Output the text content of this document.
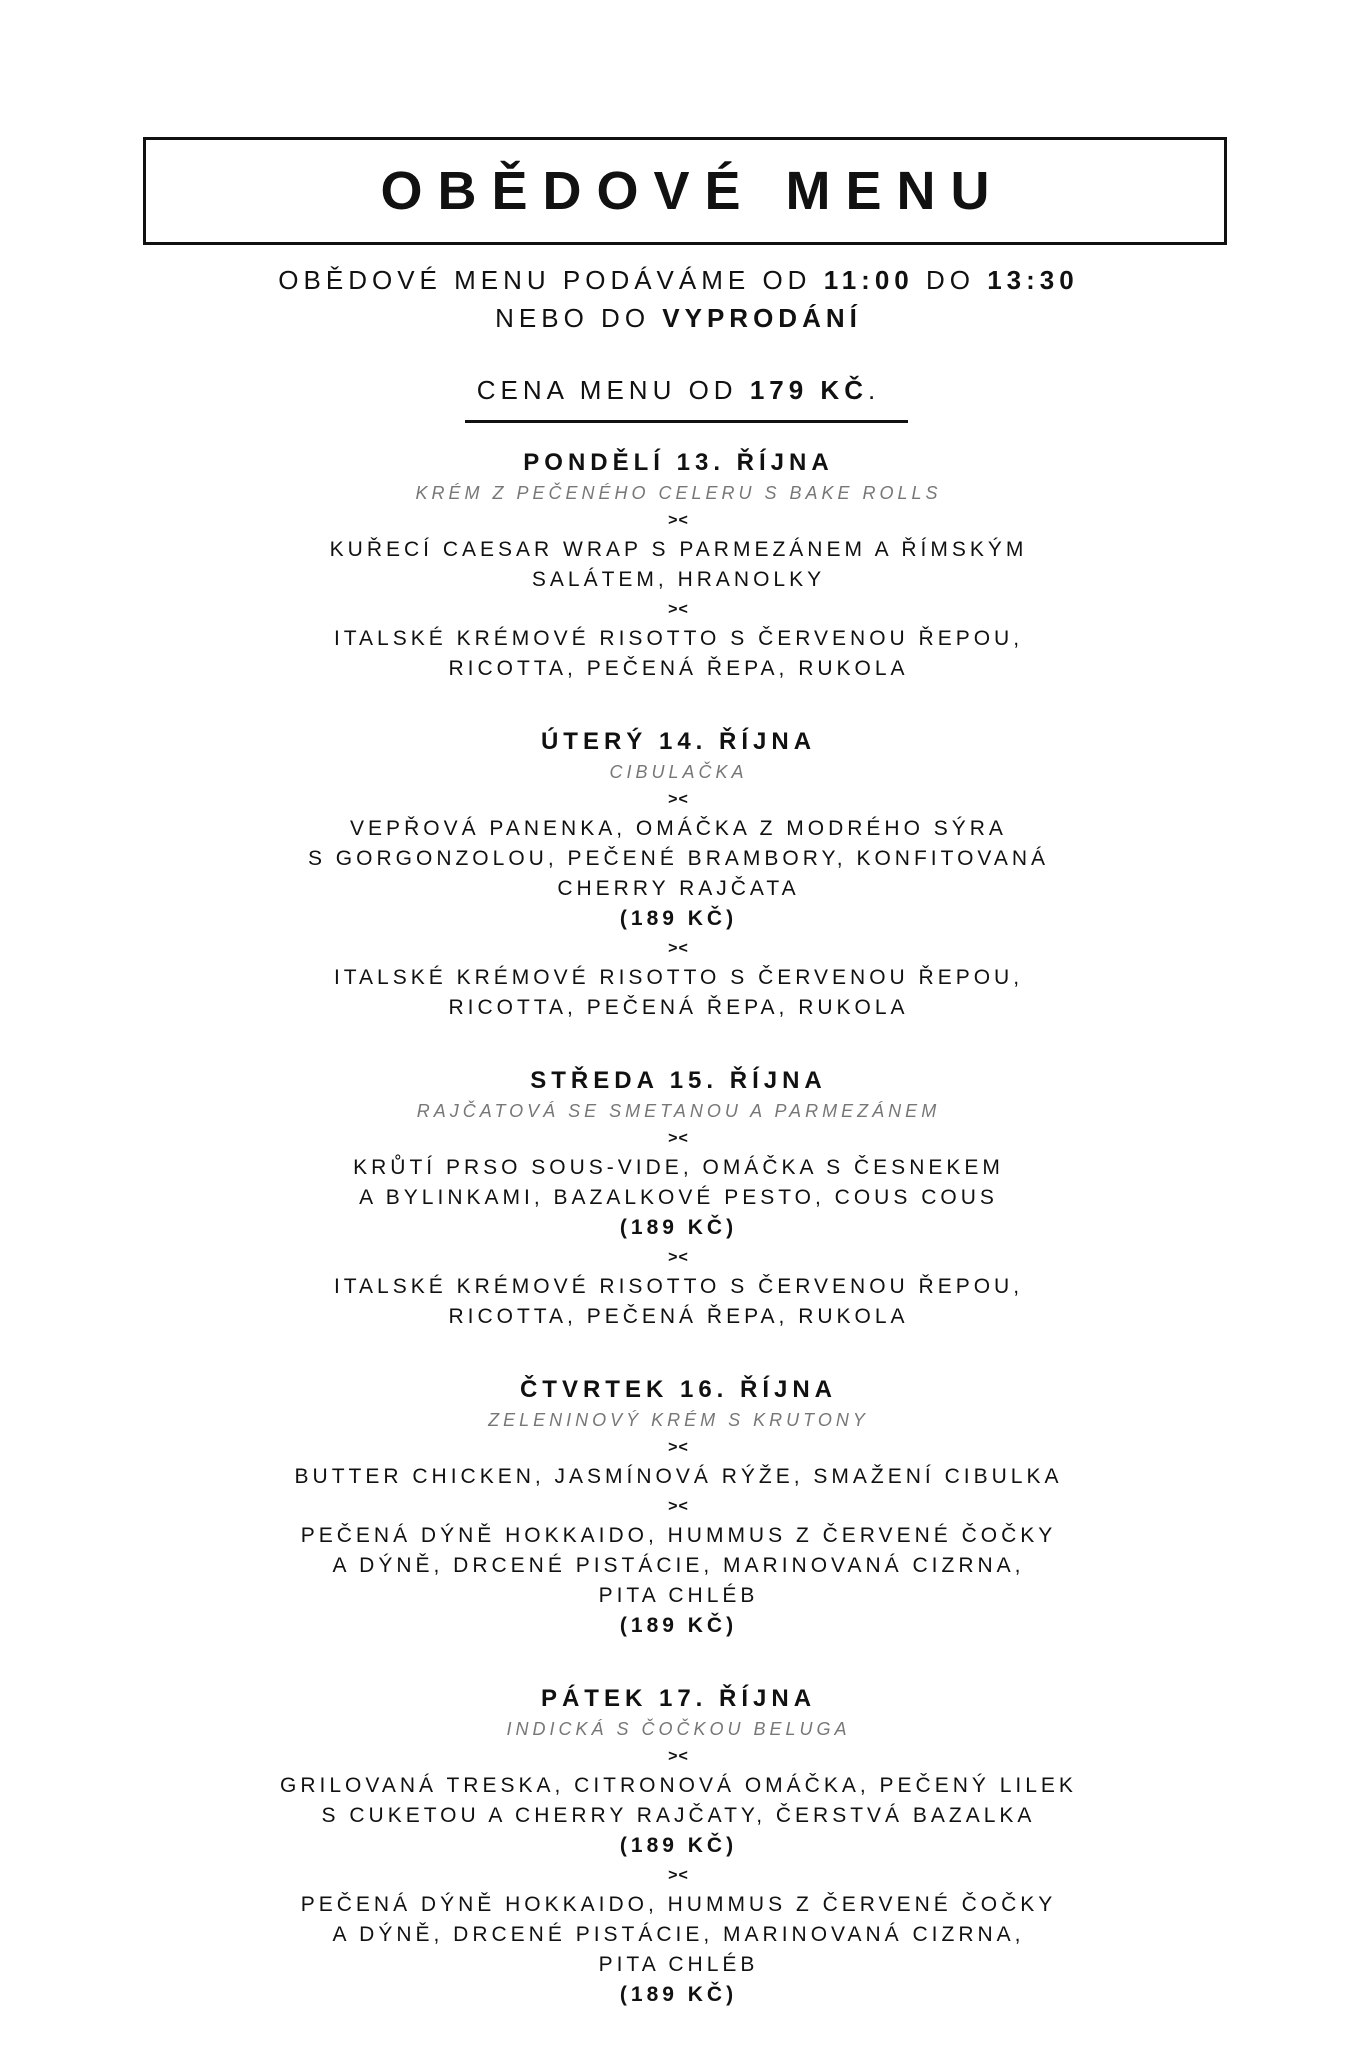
OBĚDOVÉ MENU
OBĚDOVÉ MENU PODÁVÁME OD 11:00 DO 13:30
NEBO DO VYPRODÁNÍ
CENA MENU OD 179 KČ.
PONDĚLÍ 13. ŘÍJNA
KRÉM Z PEČENÉHO CELERU S BAKE ROLLS
><
KUŘECÍ CAESAR WRAP S PARMEZÁNEM A ŘÍMSKÝM
SALÁTEM, HRANOLKY
><
ITALSKÉ KRÉMOVÉ RISOTTO S ČERVENOU ŘEPOU,
RICOTTA, PEČENÁ ŘEPA, RUKOLA
ÚTERÝ 14. ŘÍJNA
CIBULAČKA
><
VEPŘOVÁ PANENKA, OMÁČKA Z MODRÉHO SÝRA
S GORGONZOLOU, PEČENÉ BRAMBORY, KONFITOVANÁ
CHERRY RAJČATA
(189 KČ)
><
ITALSKÉ KRÉMOVÉ RISOTTO S ČERVENOU ŘEPOU,
RICOTTA, PEČENÁ ŘEPA, RUKOLA
STŘEDA 15. ŘÍJNA
RAJČATOVÁ SE SMETANOU A PARMEZÁNEM
><
KRŮTÍ PRSO SOUS-VIDE, OMÁČKA S ČESNEKEM
A BYLINKAMI, BAZALKOVÉ PESTO, COUS COUS
(189 KČ)
><
ITALSKÉ KRÉMOVÉ RISOTTO S ČERVENOU ŘEPOU,
RICOTTA, PEČENÁ ŘEPA, RUKOLA
ČTVRTEK 16. ŘÍJNA
ZELENINOVÝ KRÉM S KRUTONY
><
BUTTER CHICKEN, JASMÍNOVÁ RÝŽE, SMAŽENÍ CIBULKA
><
PEČENÁ DÝNĚ HOKKAIDO, HUMMUS Z ČERVENÉ ČOČKY
A DÝNĚ, DRCENÉ PISTÁCIE, MARINOVANÁ CIZRNA,
PITA CHLÉB
(189 KČ)
PÁTEK 17. ŘÍJNA
INDICKÁ S ČOČKOU BELUGA
><
GRILOVANÁ TRESKA, CITRONOVÁ OMÁČKA, PEČENÝ LILEK
S CUKETOU A CHERRY RAJČATY, ČERSTVÁ BAZALKA
(189 KČ)
><
PEČENÁ DÝNĚ HOKKAIDO, HUMMUS Z ČERVENÉ ČOČKY
A DÝNĚ, DRCENÉ PISTÁCIE, MARINOVANÁ CIZRNA,
PITA CHLÉB
(189 KČ)
